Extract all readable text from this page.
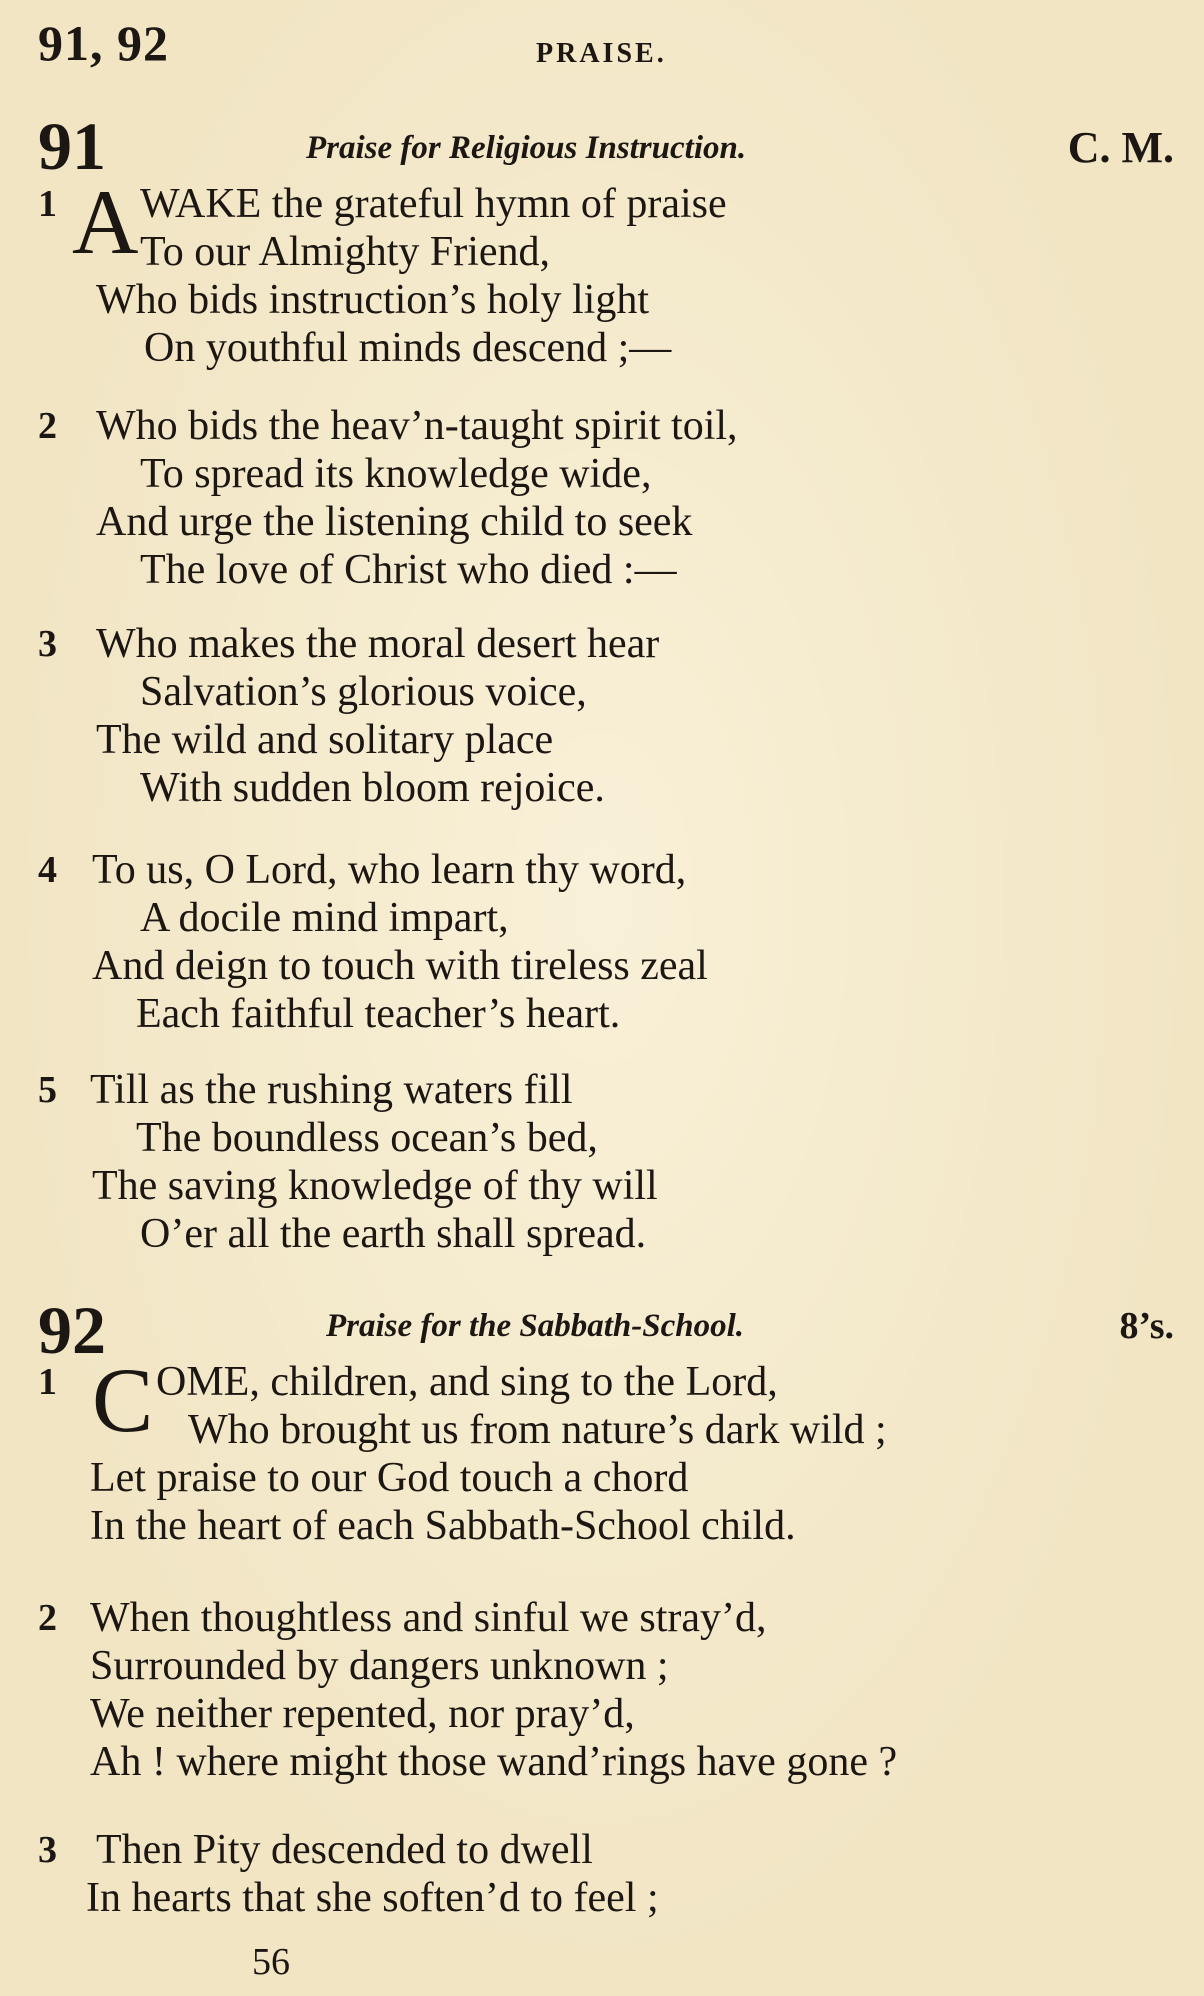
91, 92	PRAISE.
91	Praise for Religious Instruction.	C. M.
1 A WAKE the grateful hymn of praise
To our Almighty Friend,
Who bids instruction’s holy light
On youthful minds descend ;—
2 Who bids the heav’n-taught spirit toil,
To spread its knowledge wide,
And urge the listening child to seek
The love of Christ who died :—
3 Who makes the moral desert hear
Salvation’s glorious voice,
The wild and solitary place
With sudden bloom rejoice.
4 To us, O Lord, who learn thy word,
A docile mind impart,
And deign to touch with tireless zeal
Each faithful teacher’s heart.
5 Till as the rushing waters fill
The boundless ocean’s bed,
The saving knowledge of thy will
O’er all the earth shall spread.
92	Praise for the Sabbath-School.	8’s.
1 C OME, children, and sing to the Lord,
Who brought us from nature’s dark wild ;
Let praise to our God touch a chord
In the heart of each Sabbath-School child.
2 When thoughtless and sinful we stray’d,
Surrounded by dangers unknown ;
We neither repented, nor pray’d,
Ah ! where might those wand’rings have gone ?
3 Then Pity descended to dwell
In hearts that she soften’d to feel ;
56
